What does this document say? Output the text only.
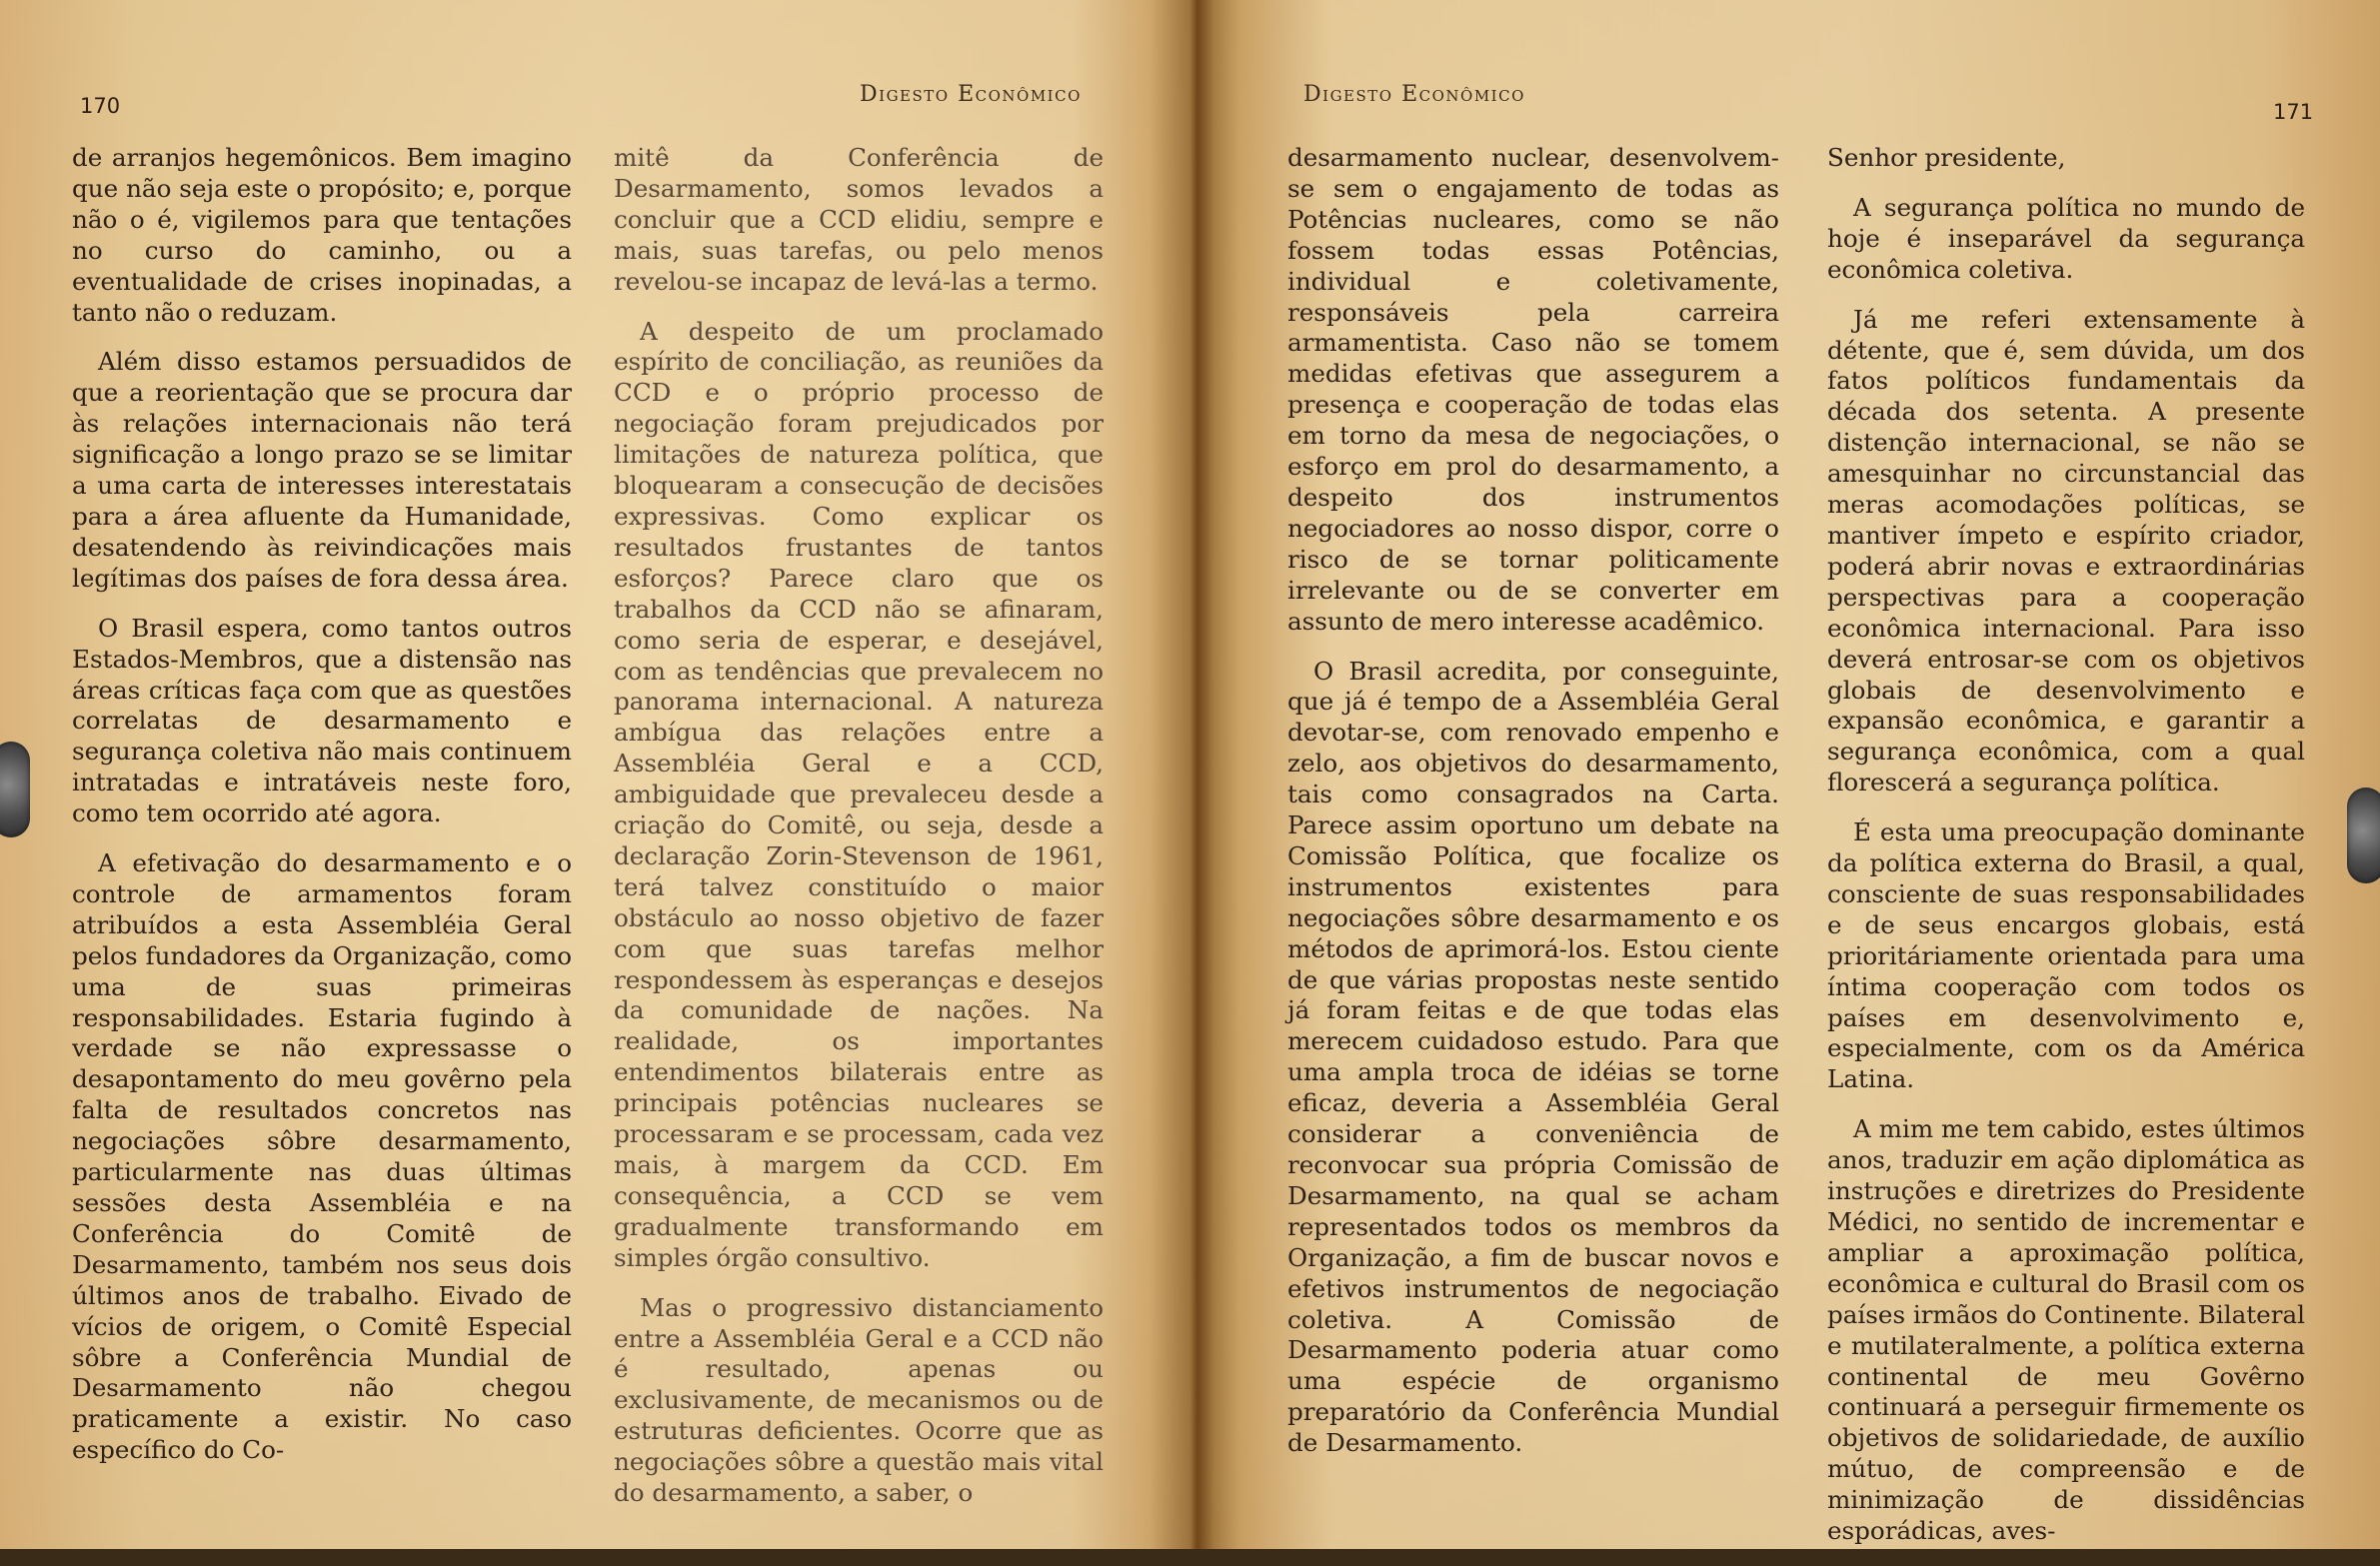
170	Digesto Econômico

de arranjos hegemônicos. Bem imagino que não seja este o propósito; e, porque não o é, vigilemos para que tentações no curso do caminho, ou a eventualidade de crises inopinadas, a tanto não o reduzam.

Além disso estamos persuadidos de que a reorientação que se procura dar às relações internacionais não terá significação a longo prazo se se limitar a uma carta de interesses interestatais para a área afluente da Humanidade, desatendendo às reivindicações mais legítimas dos países de fora dessa área.

O Brasil espera, como tantos outros Estados-Membros, que a distensão nas áreas críticas faça com que as questões correlatas de desarmamento e segurança coletiva não mais continuem intratadas e intratáveis neste foro, como tem ocorrido até agora.

A efetivação do desarmamento e o controle de armamentos foram atribuídos a esta Assembléia Geral pelos fundadores da Organização, como uma de suas primeiras responsabilidades. Estaria fugindo à verdade se não expressasse o desapontamento do meu govêrno pela falta de resultados concretos nas negociações sôbre desarmamento, particularmente nas duas últimas sessões desta Assembléia e na Conferência do Comitê de Desarmamento, também nos seus dois últimos anos de trabalho. Eivado de vícios de origem, o Comitê Especial sôbre a Conferência Mundial de Desarmamento não chegou praticamente a existir. No caso específico do Co-

mitê da Conferência de Desarmamento, somos levados a concluir que a CCD elidiu, sempre e mais, suas tarefas, ou pelo menos revelou-se incapaz de levá-las a termo.

A despeito de um proclamado espírito de conciliação, as reuniões da CCD e o próprio processo de negociação foram prejudicados por limitações de natureza política, que bloquearam a consecução de decisões expressivas. Como explicar os resultados frustantes de tantos esforços? Parece claro que os trabalhos da CCD não se afinaram, como seria de esperar, e desejável, com as tendências que prevalecem no panorama internacional. A natureza ambígua das relações entre a Assembléia Geral e a CCD, ambiguidade que prevaleceu desde a criação do Comitê, ou seja, desde a declaração Zorin-Stevenson de 1961, terá talvez constituído o maior obstáculo ao nosso objetivo de fazer com que suas tarefas melhor respondessem às esperanças e desejos da comunidade de nações. Na realidade, os importantes entendimentos bilaterais entre as principais potências nucleares se processaram e se processam, cada vez mais, à margem da CCD. Em consequência, a CCD se vem gradualmente transformando em simples órgão consultivo.

Mas o progressivo distanciamento entre a Assembléia Geral e a CCD não é resultado, apenas ou exclusivamente, de mecanismos ou de estruturas deficientes. Ocorre que as negociações sôbre a questão mais vital do desarmamento, a saber, o

Digesto Econômico
171

desarmamento nuclear, desenvolvem-se sem o engajamento de todas as Potências nucleares, como se não fossem todas essas Potências, individual e coletivamente, responsáveis pela carreira armamentista. Caso não se tomem medidas efetivas que assegurem a presença e cooperação de todas elas em torno da mesa de negociações, o esforço em prol do desarmamento, a despeito dos instrumentos negociadores ao nosso dispor, corre o risco de se tornar politicamente irrelevante ou de se converter em assunto de mero interesse acadêmico.

O Brasil acredita, por conseguinte, que já é tempo de a Assembléia Geral devotar-se, com renovado empenho e zelo, aos objetivos do desarmamento, tais como consagrados na Carta. Parece assim oportuno um debate na Comissão Política, que focalize os instrumentos existentes para negociações sôbre desarmamento e os métodos de aprimorá-los. Estou ciente de que várias propostas neste sentido já foram feitas e de que todas elas merecem cuidadoso estudo. Para que uma ampla troca de idéias se torne eficaz, deveria a Assembléia Geral considerar a conveniência de reconvocar sua própria Comissão de Desarmamento, na qual se acham representados todos os membros da Organização, a fim de buscar novos e efetivos instrumentos de negociação coletiva. A Comissão de Desarmamento poderia atuar como uma espécie de organismo preparatório da Conferência Mundial de Desarmamento.

Senhor presidente,

A segurança política no mundo de hoje é inseparável da segurança econômica coletiva.

Já me referi extensamente à détente, que é, sem dúvida, um dos fatos políticos fundamentais da década dos setenta. A presente distenção internacional, se não se amesquinhar no circunstancial das meras acomodações políticas, se mantiver ímpeto e espírito criador, poderá abrir novas e extraordinárias perspectivas para a cooperação econômica internacional. Para isso deverá entrosar-se com os objetivos globais de desenvolvimento e expansão econômica, e garantir a segurança econômica, com a qual florescerá a segurança política.

É esta uma preocupação dominante da política externa do Brasil, a qual, consciente de suas responsabilidades e de seus encargos globais, está prioritáriamente orientada para uma íntima cooperação com todos os países em desenvolvimento e, especialmente, com os da América Latina.

A mim me tem cabido, estes últimos anos, traduzir em ação diplomática as instruções e diretrizes do Presidente Médici, no sentido de incrementar e ampliar a aproximação política, econômica e cultural do Brasil com os países irmãos do Continente. Bilateral e mutilateralmente, a política externa continental de meu Govêrno continuará a perseguir firmemente os objetivos de solidariedade, de auxílio mútuo, de compreensão e de minimização de dissidências esporádicas, aves-
